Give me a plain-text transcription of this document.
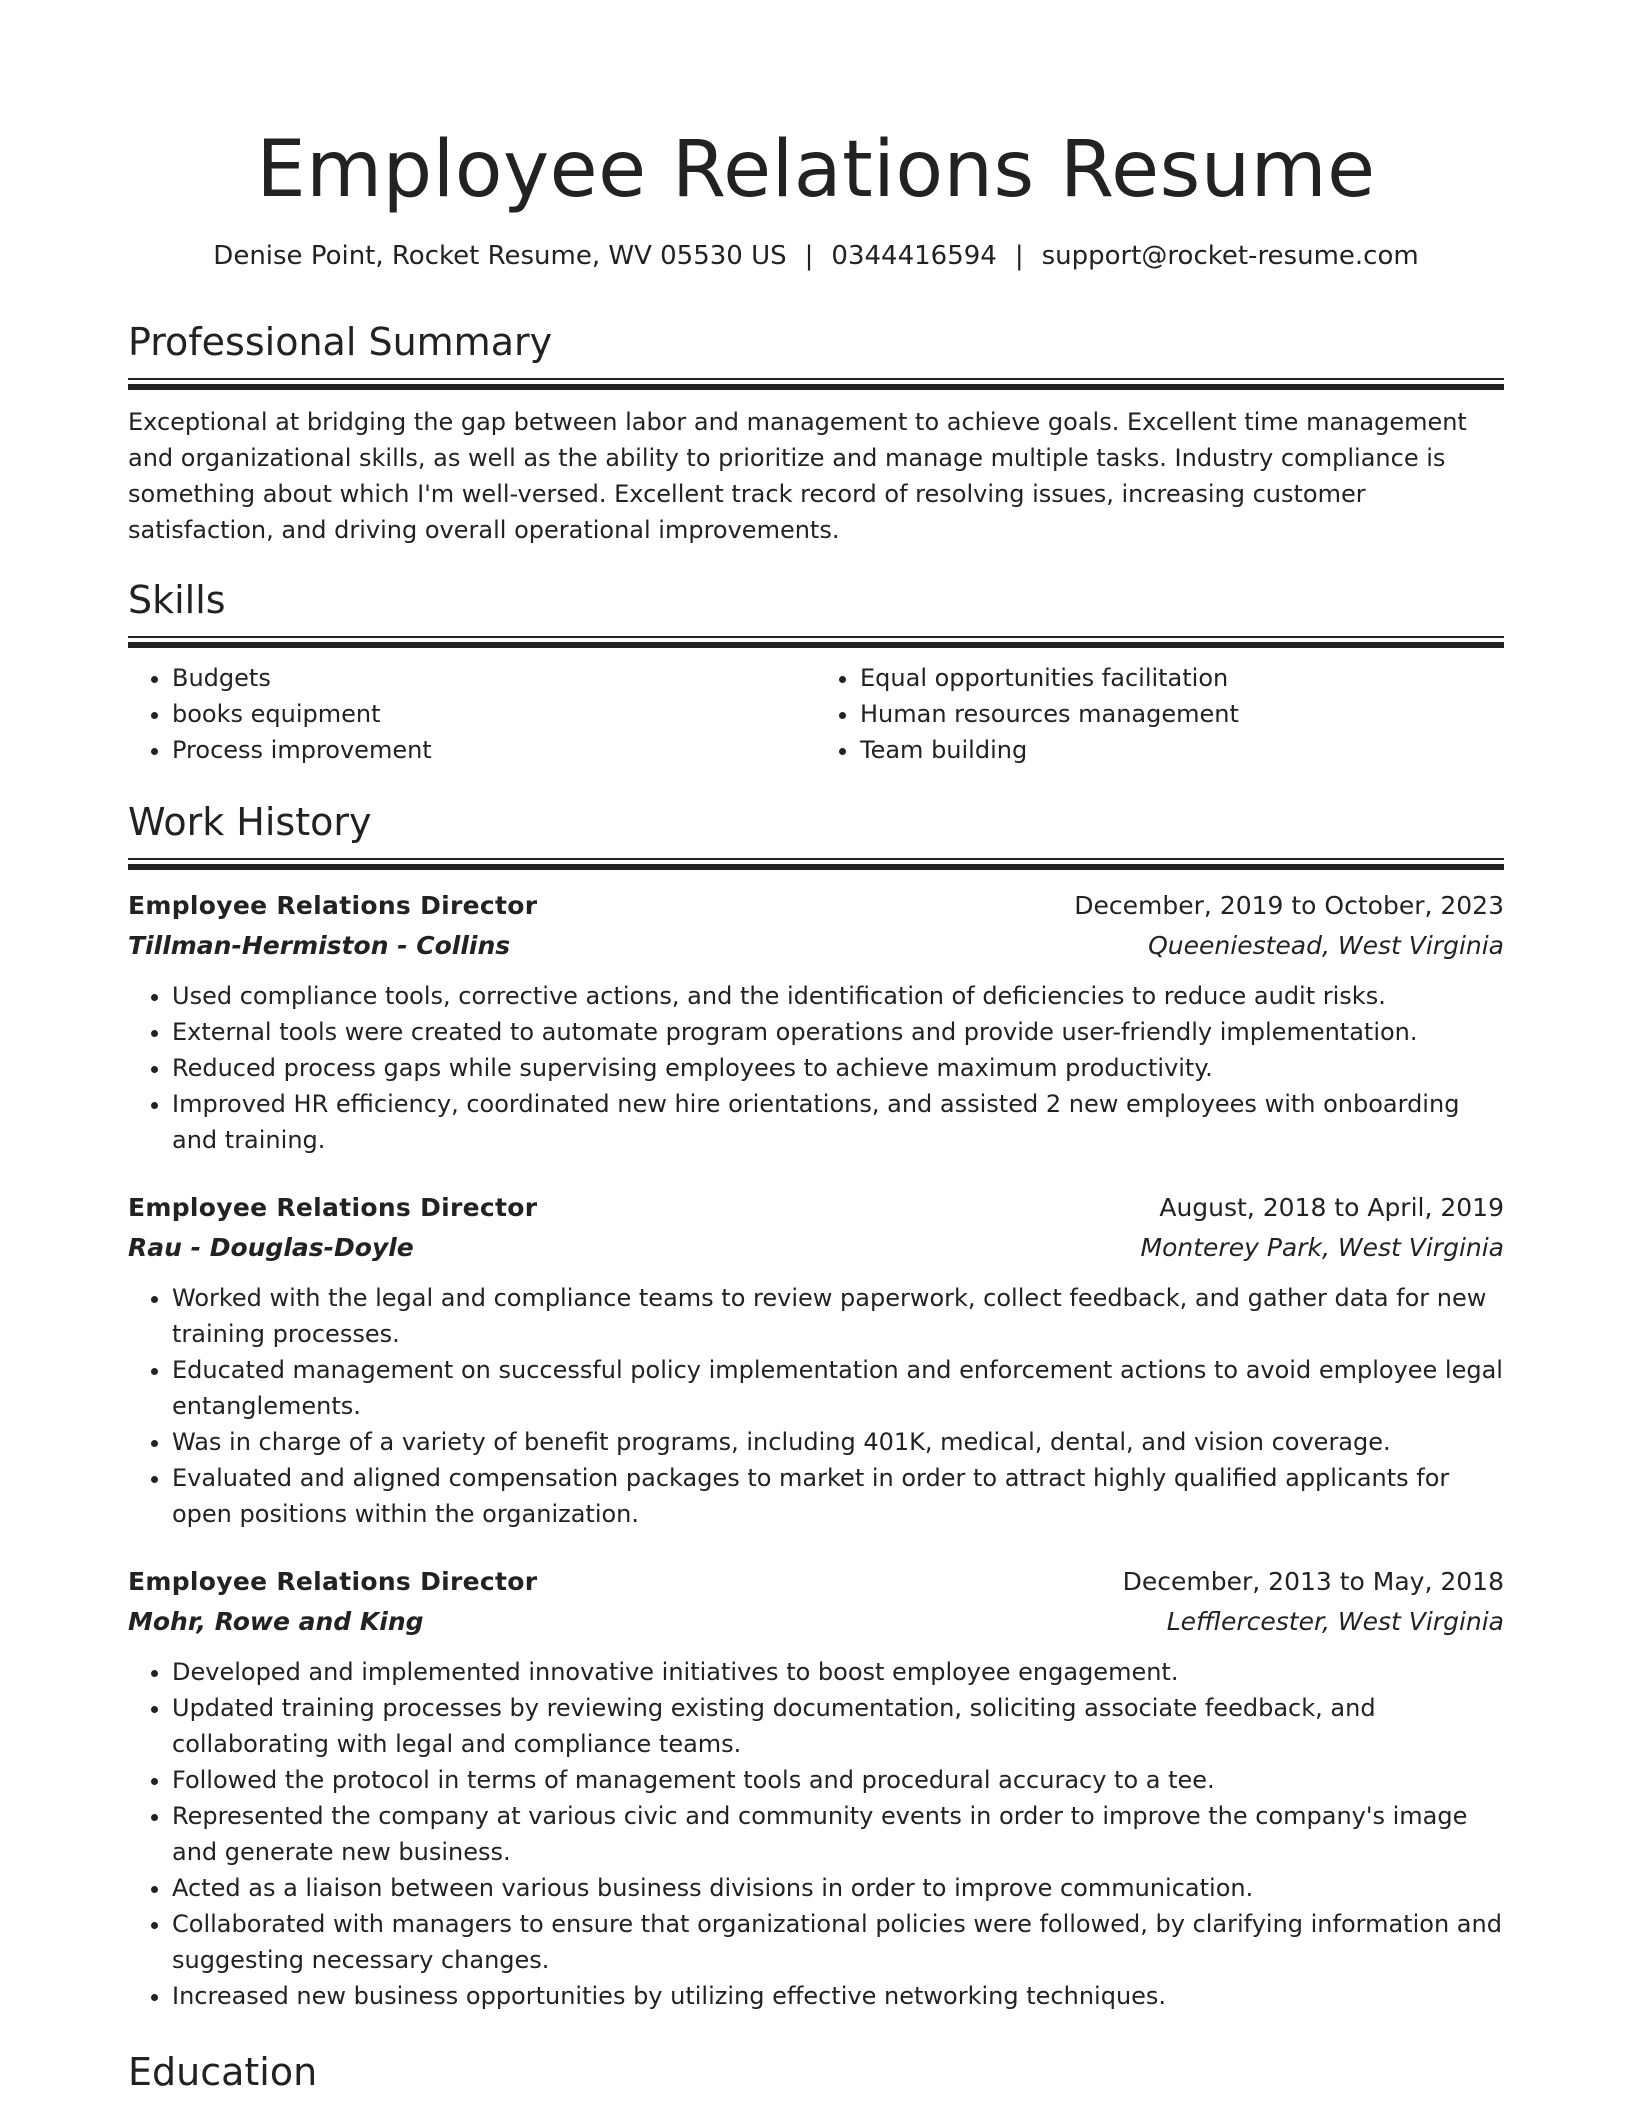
Employee Relations Resume
Denise Point, Rocket Resume, WV 05530 US | 0344416594 | support@rocket-resume.com
Professional Summary
Exceptional at bridging the gap between labor and management to achieve goals. Excellent time management and organizational skills, as well as the ability to prioritize and manage multiple tasks. Industry compliance is something about which I'm well-versed. Excellent track record of resolving issues, increasing customer satisfaction, and driving overall operational improvements.
Skills
• Budgets
• books equipment
• Process improvement
• Equal opportunities facilitation
• Human resources management
• Team building
Work History
Employee Relations Director	December, 2019 to October, 2023
Tillman-Hermiston - Collins	Queeniestead, West Virginia
• Used compliance tools, corrective actions, and the identification of deficiencies to reduce audit risks.
• External tools were created to automate program operations and provide user-friendly implementation.
• Reduced process gaps while supervising employees to achieve maximum productivity.
• Improved HR efficiency, coordinated new hire orientations, and assisted 2 new employees with onboarding and training.
Employee Relations Director	August, 2018 to April, 2019
Rau - Douglas-Doyle	Monterey Park, West Virginia
• Worked with the legal and compliance teams to review paperwork, collect feedback, and gather data for new training processes.
• Educated management on successful policy implementation and enforcement actions to avoid employee legal entanglements.
• Was in charge of a variety of benefit programs, including 401K, medical, dental, and vision coverage.
• Evaluated and aligned compensation packages to market in order to attract highly qualified applicants for open positions within the organization.
Employee Relations Director	December, 2013 to May, 2018
Mohr, Rowe and King	Lefflercester, West Virginia
• Developed and implemented innovative initiatives to boost employee engagement.
• Updated training processes by reviewing existing documentation, soliciting associate feedback, and collaborating with legal and compliance teams.
• Followed the protocol in terms of management tools and procedural accuracy to a tee.
• Represented the company at various civic and community events in order to improve the company's image and generate new business.
• Acted as a liaison between various business divisions in order to improve communication.
• Collaborated with managers to ensure that organizational policies were followed, by clarifying information and suggesting necessary changes.
• Increased new business opportunities by utilizing effective networking techniques.
Education
